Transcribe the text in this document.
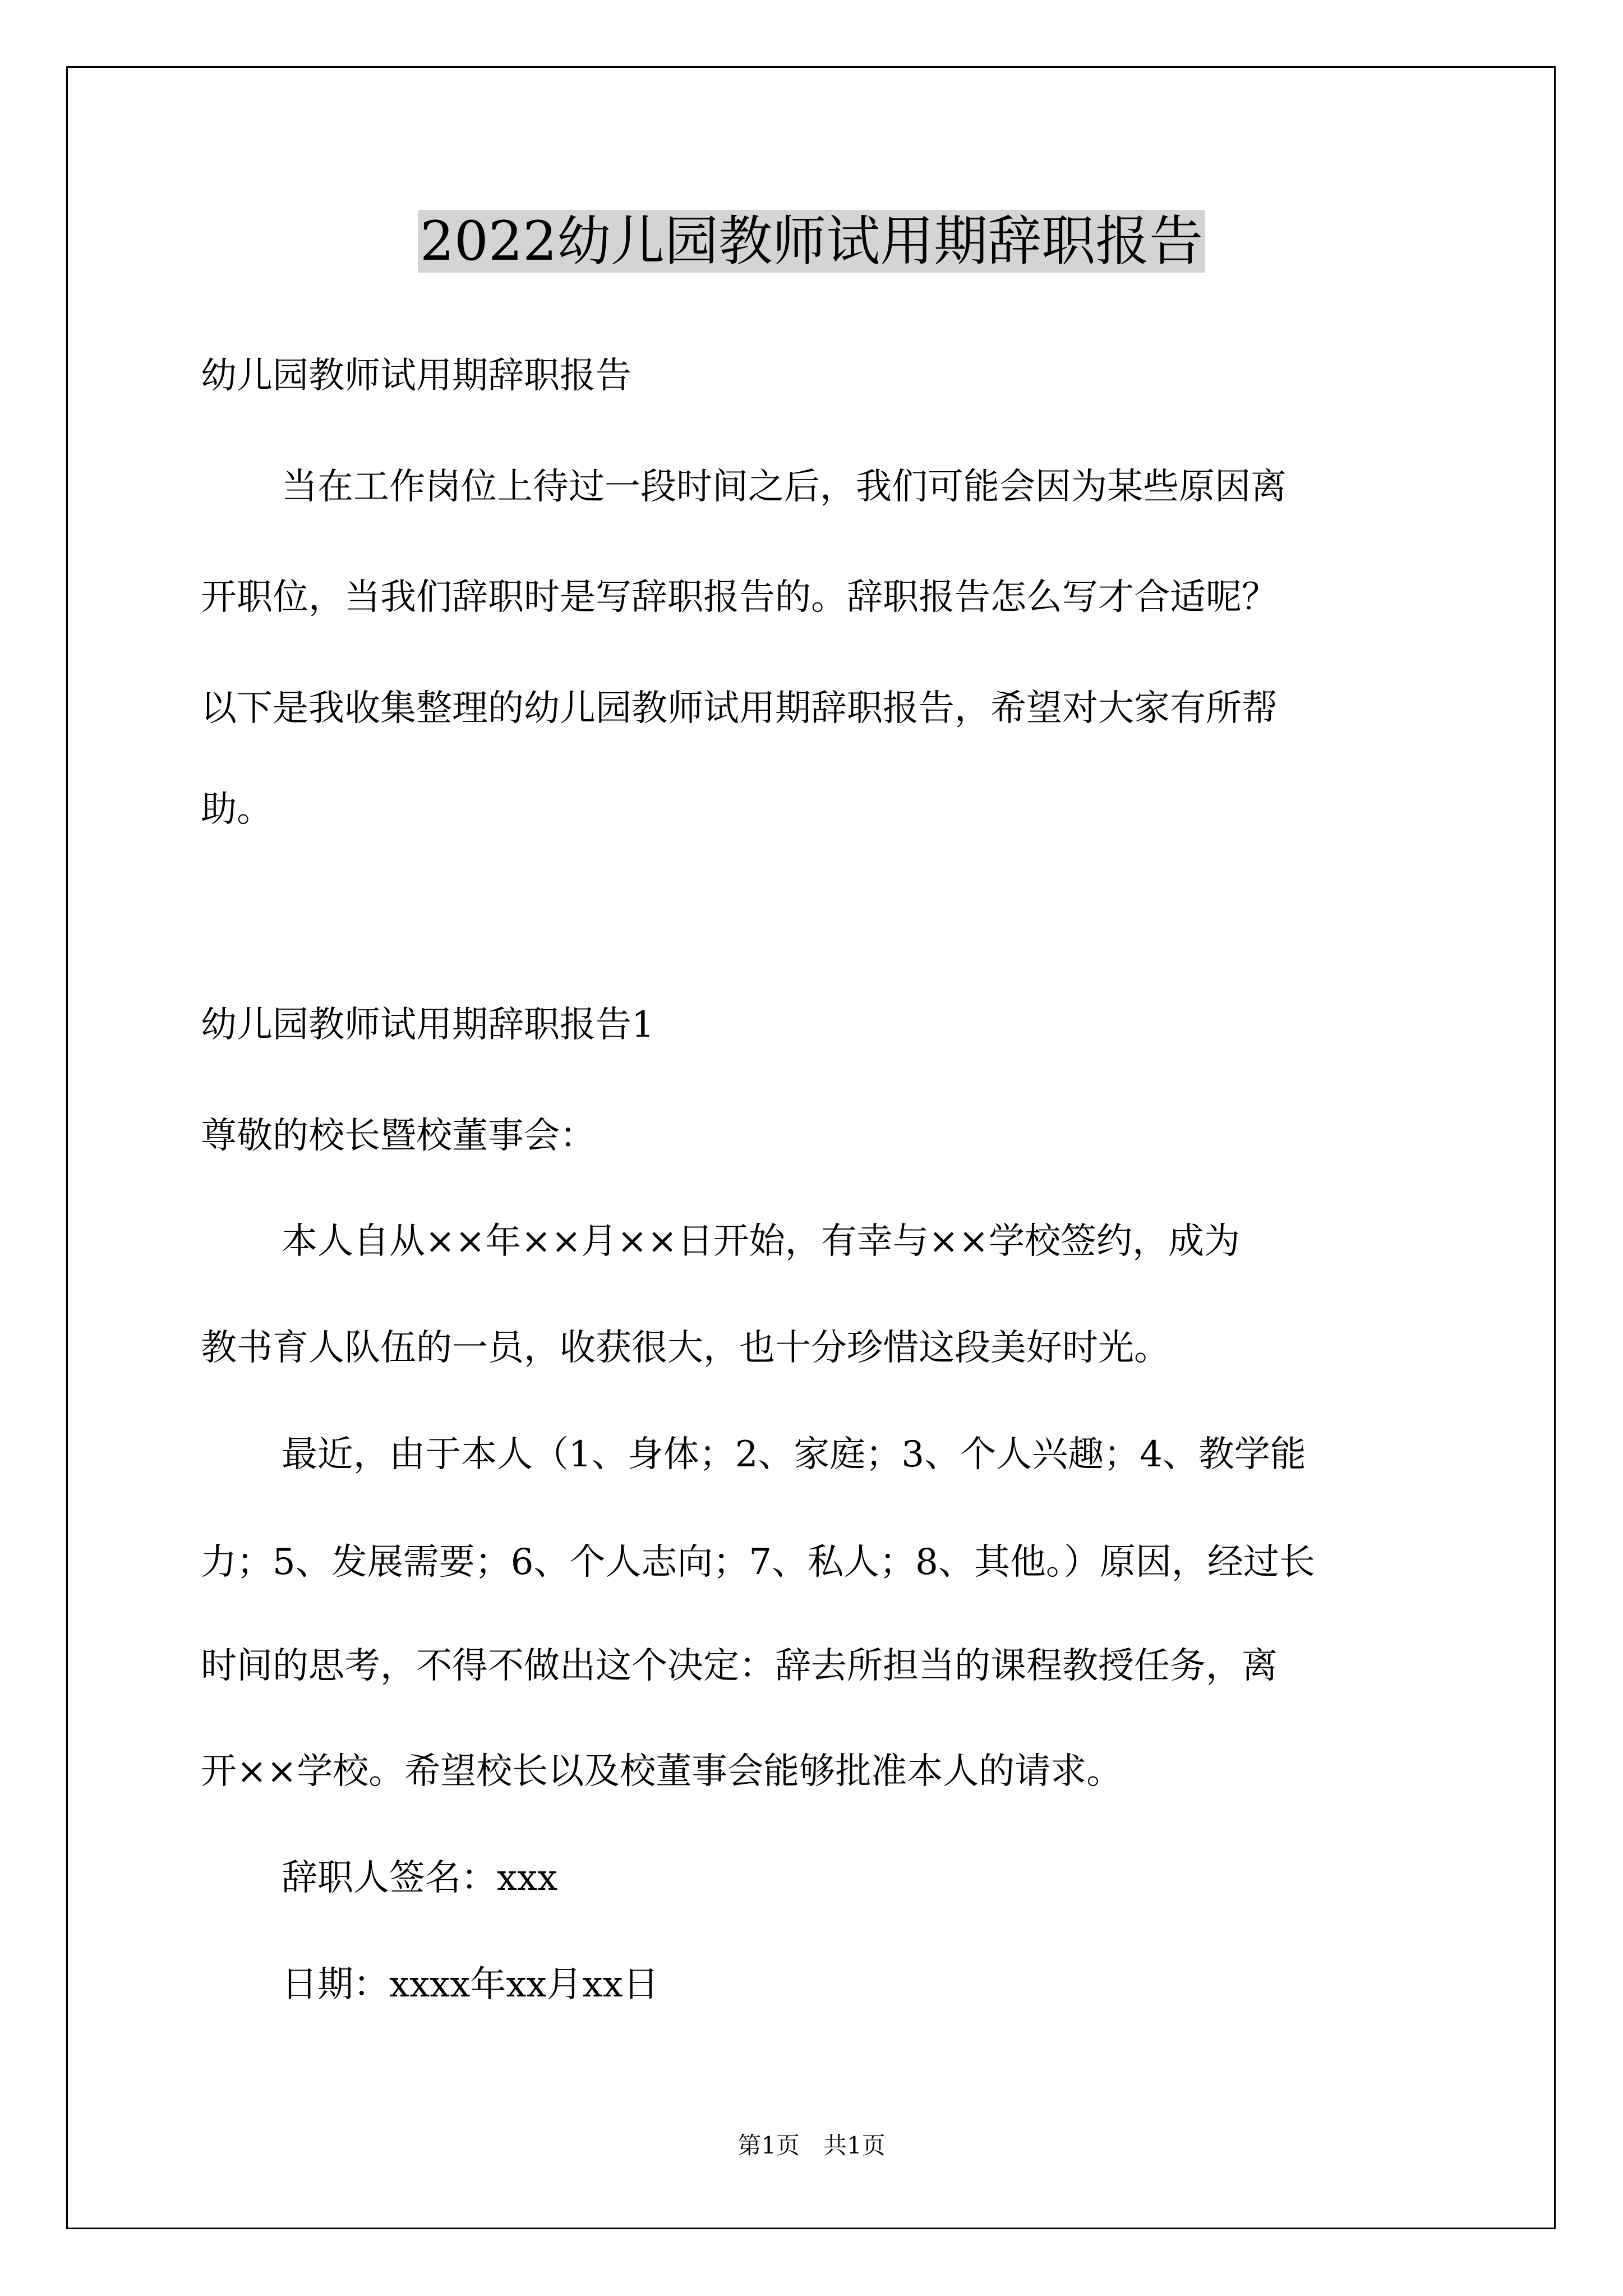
2022幼儿园教师试用期辞职报告
幼儿园教师试用期辞职报告
当在工作岗位上待过一段时间之后，我们可能会因为某些原因离
开职位，当我们辞职时是写辞职报告的。辞职报告怎么写才合适呢？
以下是我收集整理的幼儿园教师试用期辞职报告，希望对大家有所帮
助。
幼儿园教师试用期辞职报告1
尊敬的校长暨校董事会：
本人自从××年××月××日开始，有幸与××学校签约，成为
教书育人队伍的一员，收获很大，也十分珍惜这段美好时光。
最近，由于本人（1、身体；2、家庭；3、个人兴趣；4、教学能
力；5、发展需要；6、个人志向；7、私人；8、其他。）原因，经过长
时间的思考，不得不做出这个决定：辞去所担当的课程教授任务，离
开××学校。希望校长以及校董事会能够批准本人的请求。
辞职人签名：xxx
日期：xxxx年xx月xx日
第1页　共1页
